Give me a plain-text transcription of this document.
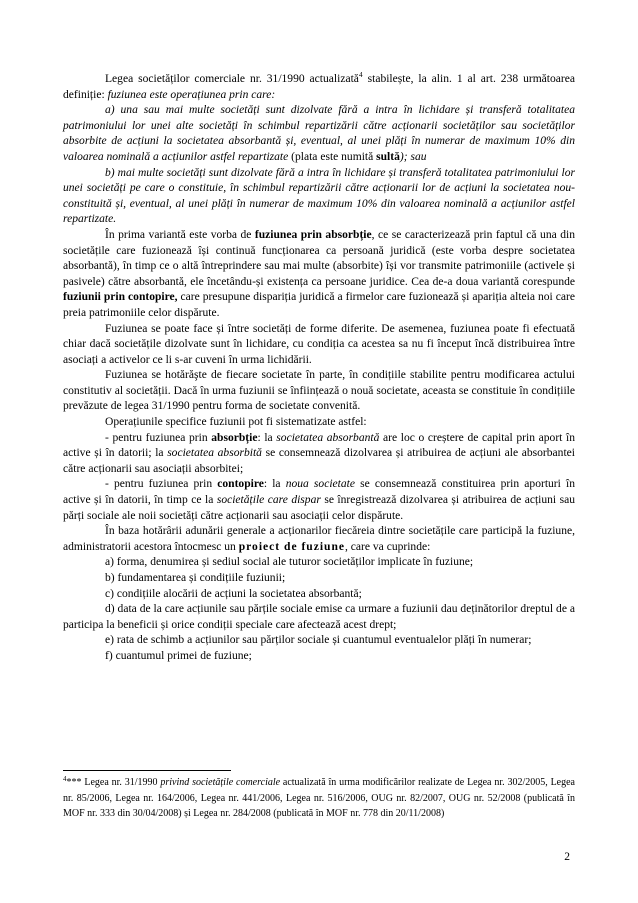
Legea societăților comerciale nr. 31/1990 actualizată$^4$ stabilește, la alin. 1 al art. 238 următoarea definiție: fuziunea este operațiunea prin care:

a) una sau mai multe societăți sunt dizolvate fără a intra în lichidare și transferă totalitatea patrimoniului lor unei alte societăți în schimbul repartizării către acționarii societăților sau societăților absorbite de acțiuni la societatea absorbantă și, eventual, al unei plăți în numerar de maximum 10% din valoarea nominală a acțiunilor astfel repartizate (plata este numită sultă); sau

b) mai multe societăți sunt dizolvate fără a intra în lichidare și transferă totalitatea patrimoniului lor unei societăți pe care o constituie, în schimbul repartizării către acționarii lor de acțiuni la societatea nou-constituită și, eventual, al unei plăți în numerar de maximum 10% din valoarea nominală a acțiunilor astfel repartizate.

În prima variantă este vorba de fuziunea prin absorbție, ce se caracterizează prin faptul că una din societățile care fuzionează își continuă funcționarea ca persoană juridică (este vorba despre societatea absorbantă), în timp ce o altă întreprindere sau mai multe (absorbite) își vor transmite patrimoniile (activele și pasivele) către absorbantă, ele încetându-și existența ca persoane juridice. Cea de-a doua variantă corespunde fuziunii prin contopire, care presupune dispariția juridică a firmelor care fuzionează și apariția alteia noi care preia patrimoniile celor dispărute.

Fuziunea se poate face și între societăți de forme diferite. De asemenea, fuziunea poate fi efectuată chiar dacă societățile dizolvate sunt în lichidare, cu condiția ca acestea sa nu fi început încă distribuirea între asociați a activelor ce li s-ar cuveni în urma lichidării.

Fuziunea se hotărăşte de fiecare societate în parte, în condițiile stabilite pentru modificarea actului constitutiv al societății. Dacă în urma fuziunii se înființează o nouă societate, aceasta se constituie în condițiile prevăzute de legea 31/1990 pentru forma de societate convenită.

Operațiunile specifice fuziunii pot fi sistematizate astfel:

- pentru fuziunea prin absorbție: la societatea absorbantă are loc o creștere de capital prin aport în active și în datorii; la societatea absorbită se consemnează dizolvarea și atribuirea de acțiuni ale absorbantei către acționarii sau asociații absorbitei;

- pentru fuziunea prin contopire: la noua societate se consemnează constituirea prin aporturi în active și în datorii, în timp ce la societățile care dispar se înregistrează dizolvarea și atribuirea de acțiuni sau părți sociale ale noii societăți către acționarii sau asociații celor dispărute.

În baza hotărârii adunării generale a acționarilor fiecăreia dintre societățile care participă la fuziune, administratorii acestora întocmesc un proiect de fuziune, care va cuprinde:

a) forma, denumirea și sediul social ale tuturor societăților implicate în fuziune;

b) fundamentarea și condițiile fuziunii;

c) condițiile alocării de acțiuni la societatea absorbantă;

d) data de la care acțiunile sau părțile sociale emise ca urmare a fuziunii dau deținătorilor dreptul de a participa la beneficii și orice condiții speciale care afectează acest drept;

e) rata de schimb a acțiunilor sau părților sociale și cuantumul eventualelor plăți în numerar;

f) cuantumul primei de fuziune;

$^4$*** Legea nr. 31/1990 privind societățile comerciale actualizată în urma modificărilor realizate de Legea nr. 302/2005, Legea nr. 85/2006, Legea nr. 164/2006, Legea nr. 441/2006, Legea nr. 516/2006, OUG nr. 82/2007, OUG nr. 52/2008 (publicată în MOF nr. 333 din 30/04/2008) și Legea nr. 284/2008 (publicată în MOF nr. 778 din 20/11/2008)
2
